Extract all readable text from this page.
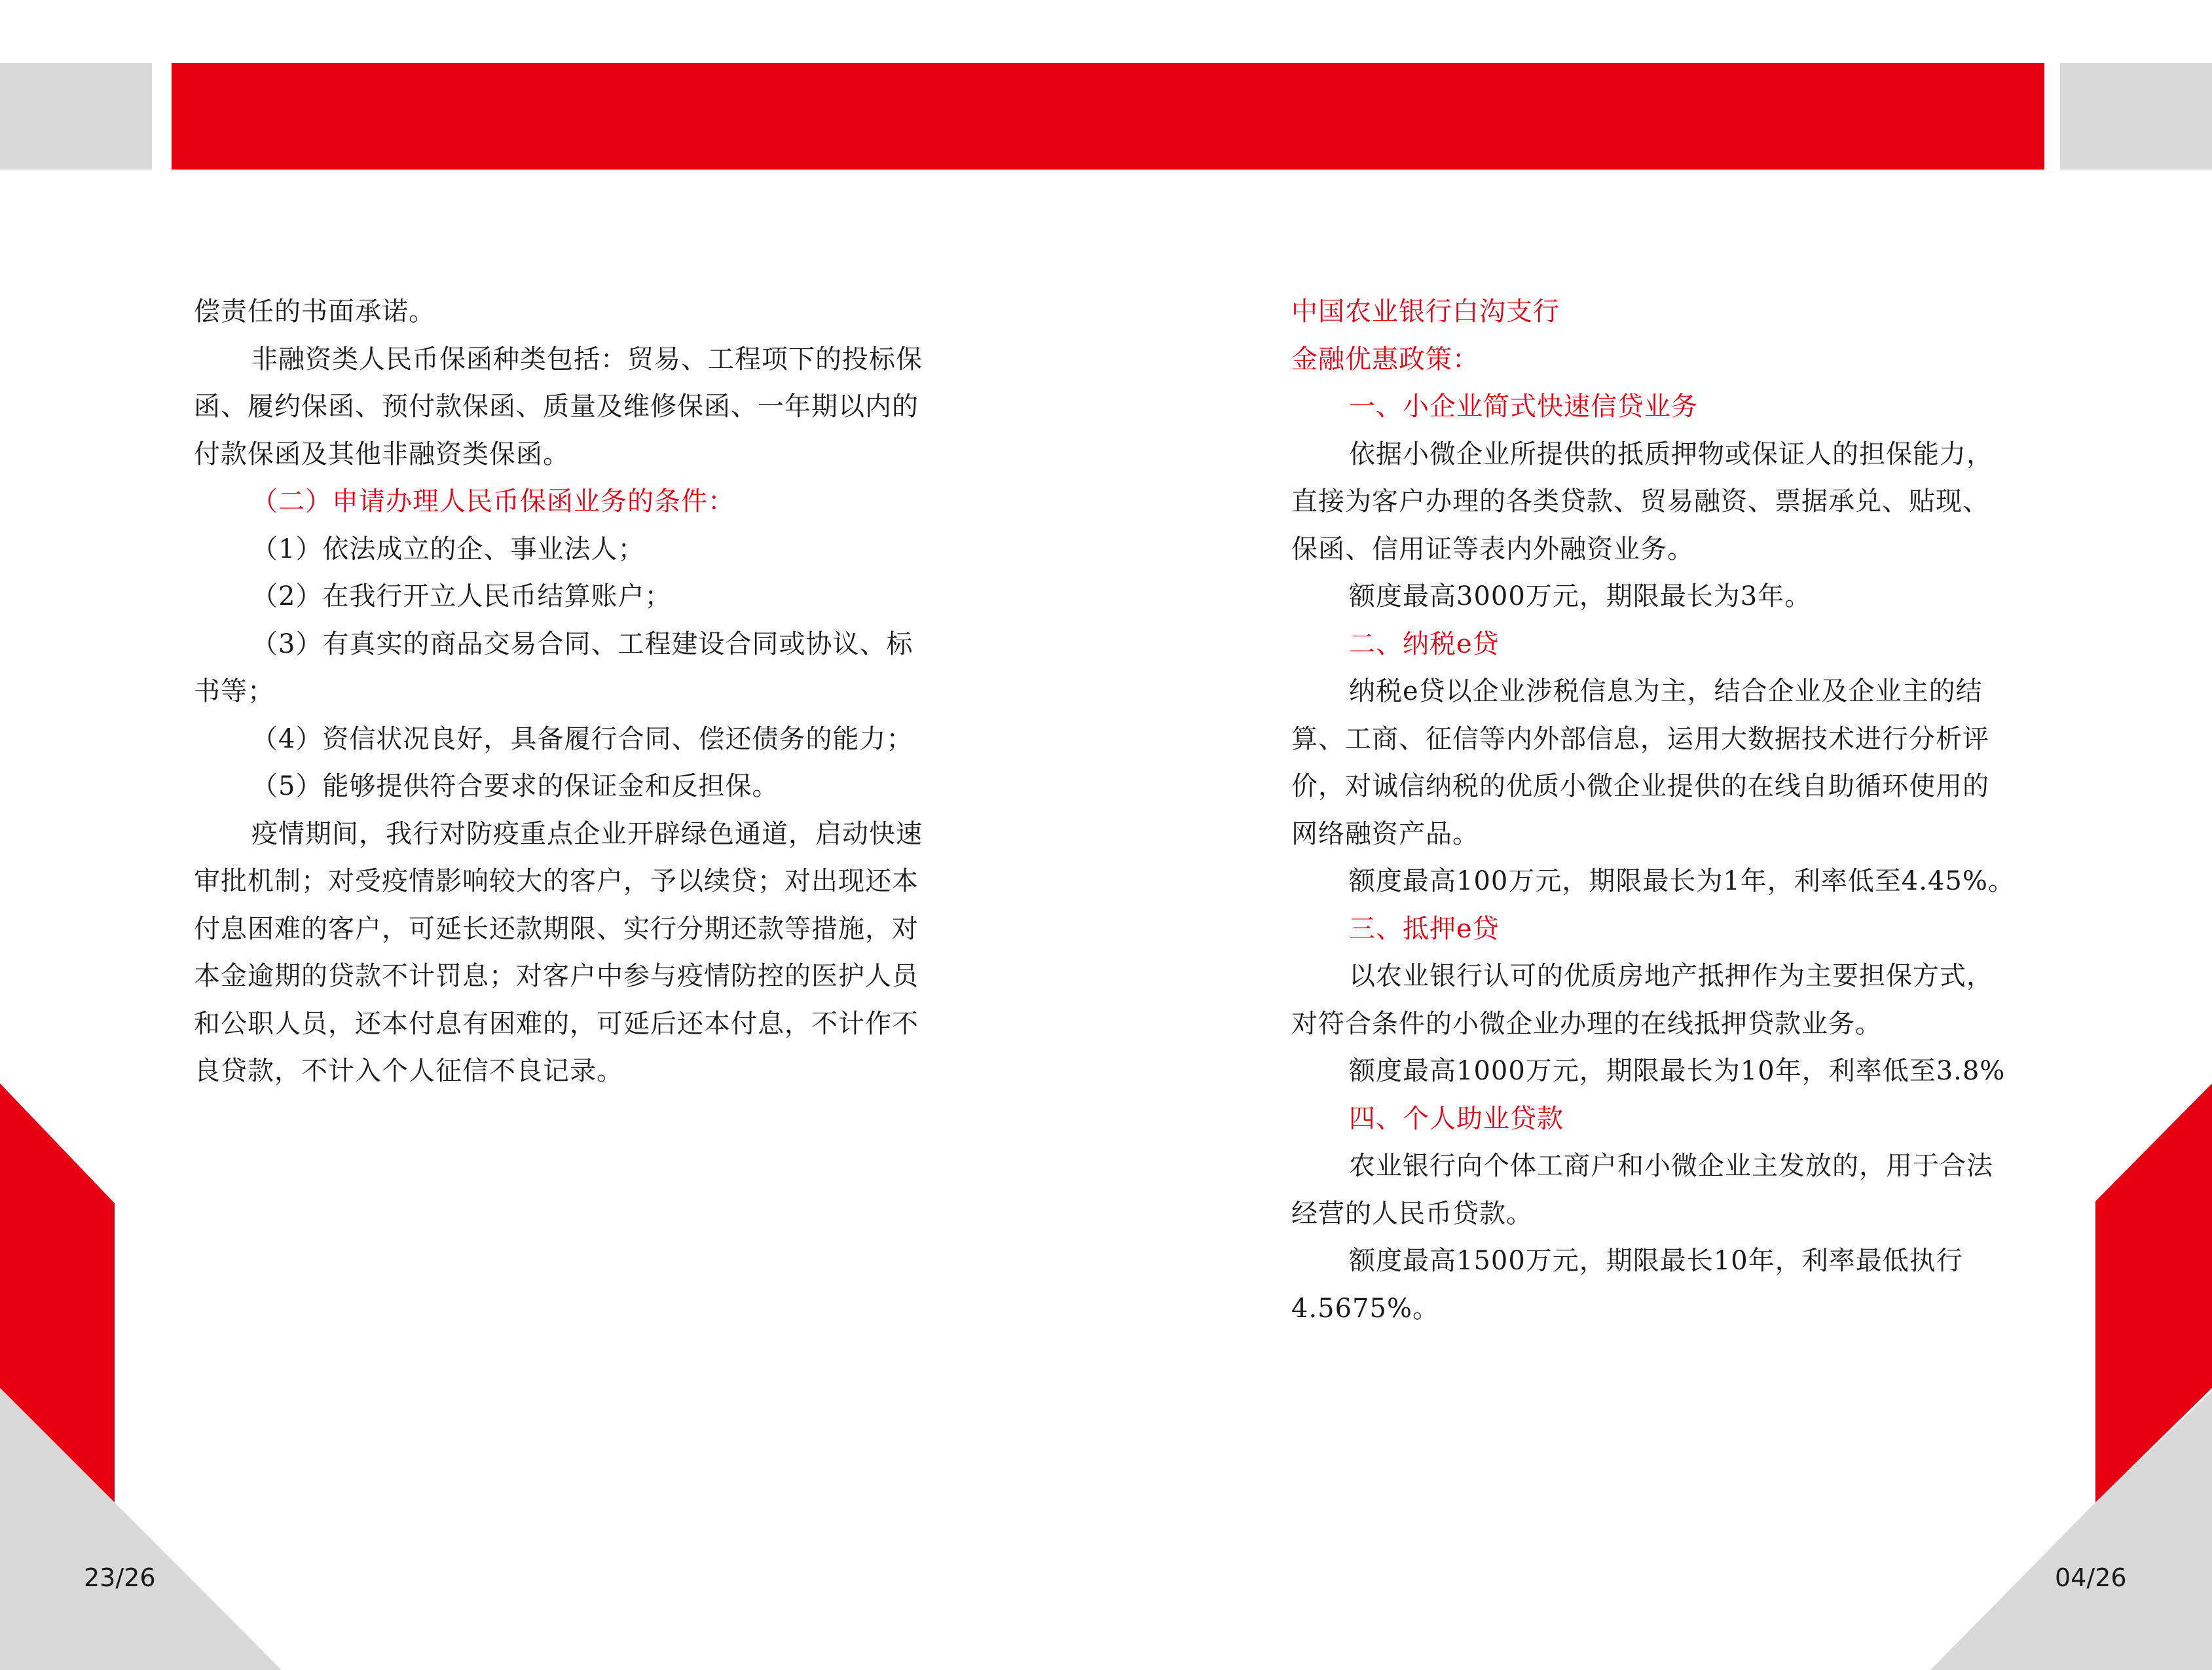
偿责任的书面承诺。
非融资类人民币保函种类包括：贸易、工程项下的投标保
函、履约保函、预付款保函、质量及维修保函、一年期以内的
付款保函及其他非融资类保函。
（二）申请办理人民币保函业务的条件：
（1）依法成立的企、事业法人；
（2）在我行开立人民币结算账户；
（3）有真实的商品交易合同、工程建设合同或协议、标
书等；
（4）资信状况良好，具备履行合同、偿还债务的能力；
（5）能够提供符合要求的保证金和反担保。
疫情期间，我行对防疫重点企业开辟绿色通道，启动快速
审批机制；对受疫情影响较大的客户，予以续贷；对出现还本
付息困难的客户，可延长还款期限、实行分期还款等措施，对
本金逾期的贷款不计罚息；对客户中参与疫情防控的医护人员
和公职人员，还本付息有困难的，可延后还本付息，不计作不
良贷款，不计入个人征信不良记录。
中国农业银行白沟支行
金融优惠政策：
一、小企业简式快速信贷业务
依据小微企业所提供的抵质押物或保证人的担保能力，
直接为客户办理的各类贷款、贸易融资、票据承兑、贴现、
保函、信用证等表内外融资业务。
额度最高3000万元，期限最长为3年。
二、纳税e贷
纳税e贷以企业涉税信息为主，结合企业及企业主的结
算、工商、征信等内外部信息，运用大数据技术进行分析评
价，对诚信纳税的优质小微企业提供的在线自助循环使用的
网络融资产品。
额度最高100万元，期限最长为1年，利率低至4.45%。
三、抵押e贷
以农业银行认可的优质房地产抵押作为主要担保方式，
对符合条件的小微企业办理的在线抵押贷款业务。
额度最高1000万元，期限最长为10年，利率低至3.8%
四、个人助业贷款
农业银行向个体工商户和小微企业主发放的，用于合法
经营的人民币贷款。
额度最高1500万元，期限最长10年，利率最低执行
4.5675%。
23/26	04/26
